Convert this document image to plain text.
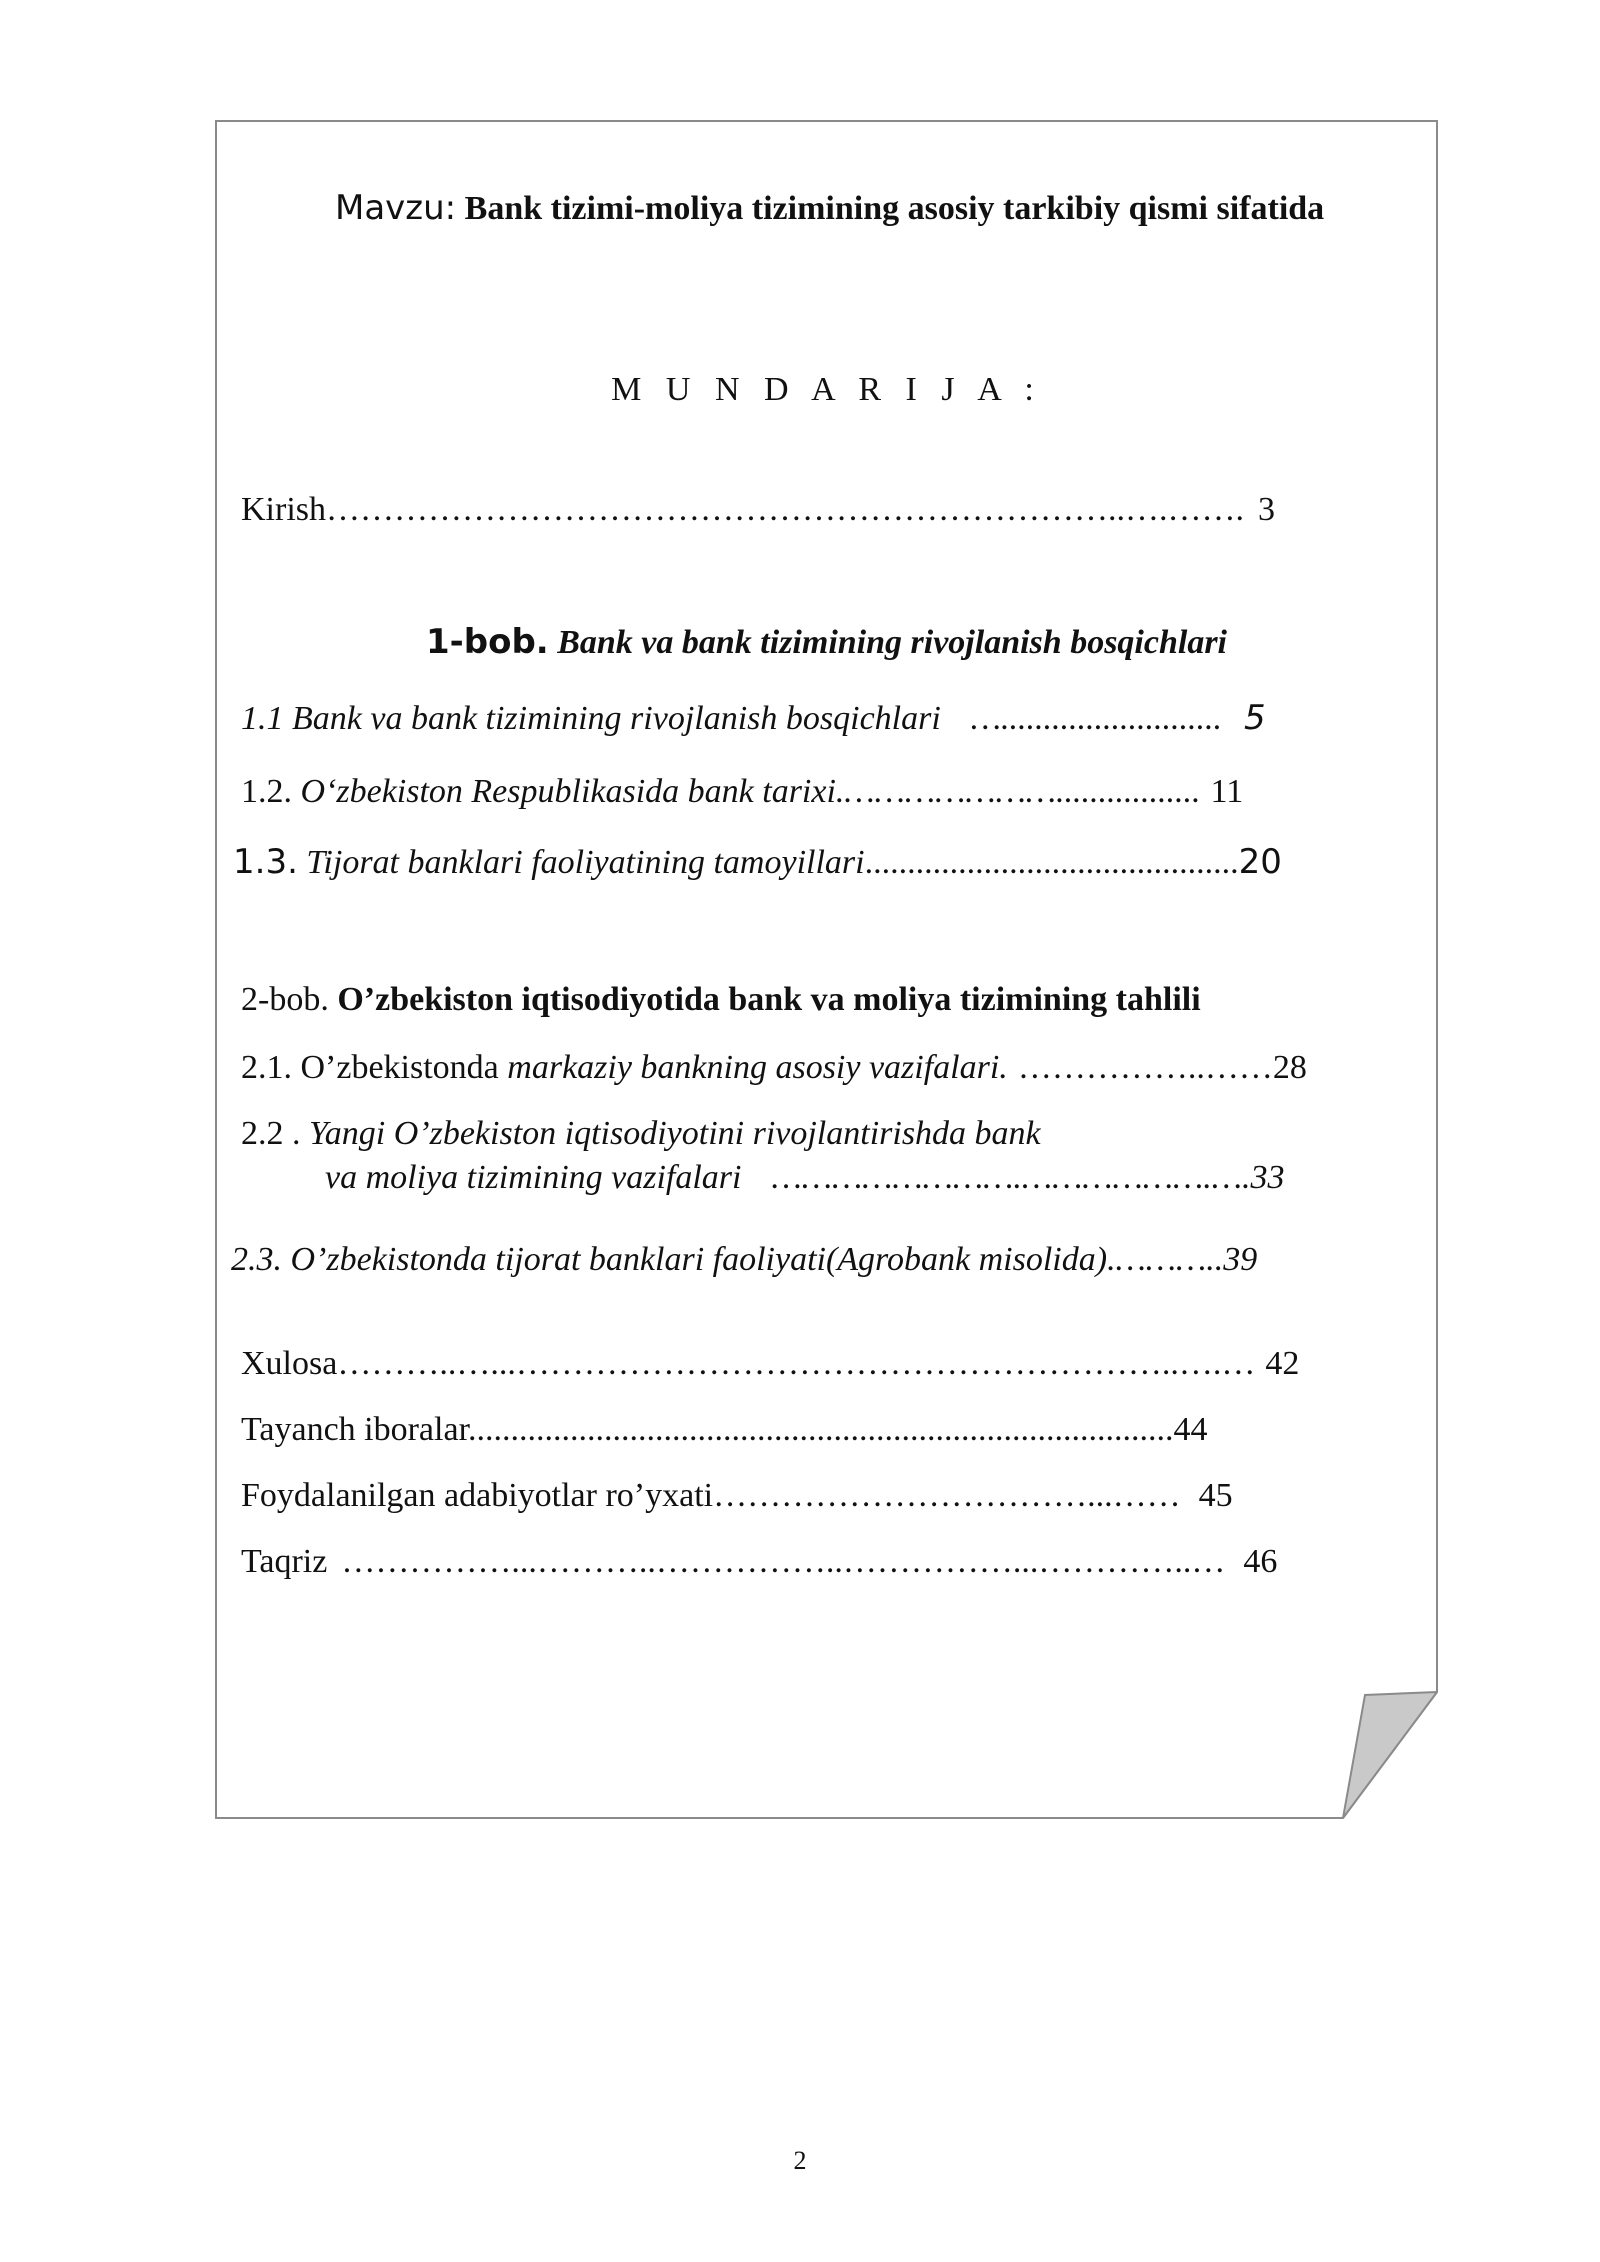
Mavzu: Bank tizimi-moliya tizimining asosiy tarkibiy qismi sifatida
M U N D A R I J A :
Kirish……………………………………………………………..….……. 3
1-bob. Bank va bank tizimining rivojlanish bosqichlari
1.1 Bank va bank tizimining rivojlanish bosqichlari ….......................... 5
1.2. O‘zbekiston Respublikasida bank tarixi.…………………................. 11
1.3. Tijorat banklari faoliyatining tamoyillari............................................20
2-bob. O’zbekiston iqtisodiyotida bank va moliya tizimining tahlili
2.1. O’zbekistonda markaziy bankning asosiy vazifalari. ……………..……28
2.2 . Yangi O’zbekiston iqtisodiyotini rivojlantirishda bank
va moliya tizimining vazifalari …………………….……………….….33
2.3. O’zbekistonda tijorat banklari faoliyati(Agrobank misolida).………..39
Xulosa………..…...…………………………………………………..….… 42
Tayanch iboralar...................................................................................44
Foydalanilgan adabiyotlar ro’yxati……………………………...…… 45
Taqriz ……………...………..……………..……………...…………..… 46
2
